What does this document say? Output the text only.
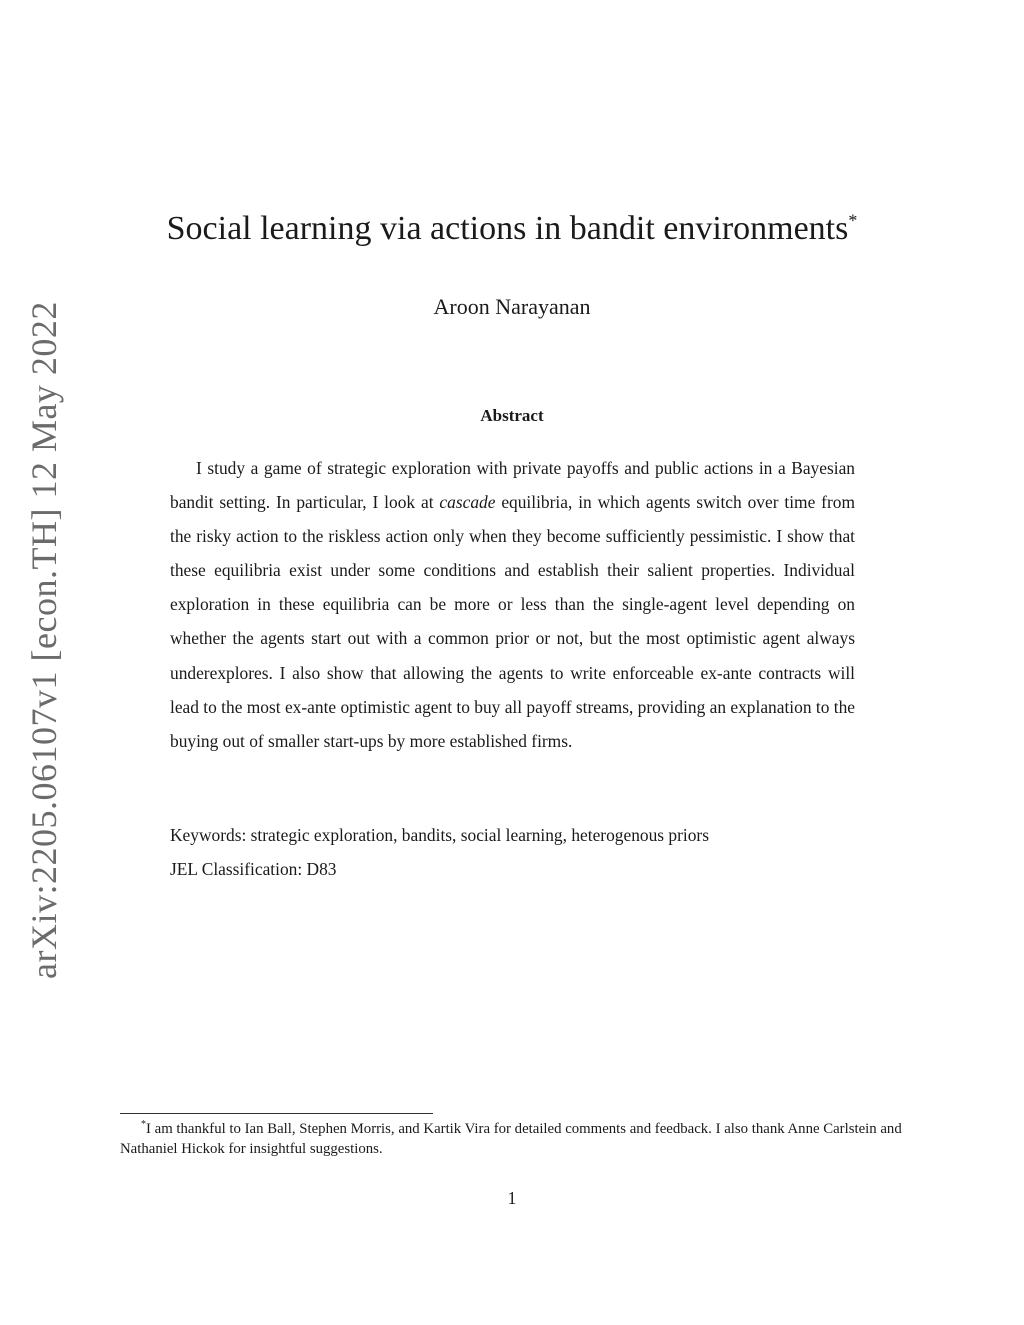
arXiv:2205.06107v1 [econ.TH] 12 May 2022
Social learning via actions in bandit environments*
Aroon Narayanan
Abstract

I study a game of strategic exploration with private payoffs and public actions in a Bayesian bandit setting. In particular, I look at cascade equilibria, in which agents switch over time from the risky action to the riskless action only when they become sufficiently pessimistic. I show that these equilibria exist under some conditions and establish their salient properties. Individual exploration in these equilibria can be more or less than the single-agent level depending on whether the agents start out with a common prior or not, but the most optimistic agent always underexplores. I also show that allowing the agents to write enforceable ex-ante contracts will lead to the most ex-ante optimistic agent to buy all payoff streams, providing an explanation to the buying out of smaller start-ups by more established firms.

Keywords: strategic exploration, bandits, social learning, heterogenous priors
JEL Classification: D83

*I am thankful to Ian Ball, Stephen Morris, and Kartik Vira for detailed comments and feedback. I also thank Anne Carlstein and Nathaniel Hickok for insightful suggestions.

1
